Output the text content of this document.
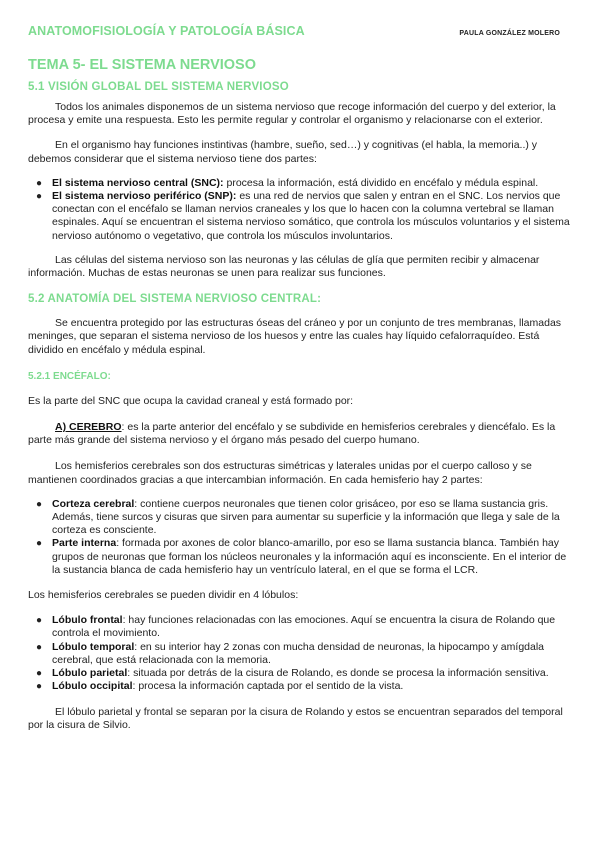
ANATOMOFISIOLOGÍA Y PATOLOGÍA BÁSICA	PAULA GONZÁLEZ MOLERO
TEMA 5- EL SISTEMA NERVIOSO
5.1 VISIÓN GLOBAL DEL SISTEMA NERVIOSO

Todos los animales disponemos de un sistema nervioso que recoge información del cuerpo y del exterior, la procesa y emite una respuesta. Esto les permite regular y controlar el organismo y relacionarse con el exterior.

En el organismo hay funciones instintivas (hambre, sueño, sed…) y cognitivas (el habla, la memoria..) y debemos considerar que el sistema nervioso tiene dos partes:

● El sistema nervioso central (SNC): procesa la información, está dividido en encéfalo y médula espinal.
● El sistema nervioso periférico (SNP): es una red de nervios que salen y entran en el SNC. Los nervios que conectan con el encéfalo se llaman nervios craneales y los que lo hacen con la columna vertebral se llaman espinales. Aquí se encuentran el sistema nervioso somático, que controla los músculos voluntarios y el sistema nervioso autónomo o vegetativo, que controla los músculos involuntarios.

Las células del sistema nervioso son las neuronas y las células de glía que permiten recibir y almacenar información. Muchas de estas neuronas se unen para realizar sus funciones.

5.2 ANATOMÍA DEL SISTEMA NERVIOSO CENTRAL:

Se encuentra protegido por las estructuras óseas del cráneo y por un conjunto de tres membranas, llamadas meninges, que separan el sistema nervioso de los huesos y entre las cuales hay líquido cefalorraquídeo. Está dividido en encéfalo y médula espinal.

5.2.1 ENCÉFALO:

Es la parte del SNC que ocupa la cavidad craneal y está formado por:

A) CEREBRO: es la parte anterior del encéfalo y se subdivide en hemisferios cerebrales y diencéfalo. Es la parte más grande del sistema nervioso y el órgano más pesado del cuerpo humano.

Los hemisferios cerebrales son dos estructuras simétricas y laterales unidas por el cuerpo calloso y se mantienen coordinados gracias a que intercambian información. En cada hemisferio hay 2 partes:

● Corteza cerebral: contiene cuerpos neuronales que tienen color grisáceo, por eso se llama sustancia gris. Además, tiene surcos y cisuras que sirven para aumentar su superficie y la información que llega y sale de la corteza es consciente.
● Parte interna: formada por axones de color blanco-amarillo, por eso se llama sustancia blanca. También hay grupos de neuronas que forman los núcleos neuronales y la información aquí es inconsciente. En el interior de la sustancia blanca de cada hemisferio hay un ventrículo lateral, en el que se forma el LCR.

Los hemisferios cerebrales se pueden dividir en 4 lóbulos:

● Lóbulo frontal: hay funciones relacionadas con las emociones. Aquí se encuentra la cisura de Rolando que controla el movimiento.
● Lóbulo temporal: en su interior hay 2 zonas con mucha densidad de neuronas, la hipocampo y amígdala cerebral, que está relacionada con la memoria.
● Lóbulo parietal: situada por detrás de la cisura de Rolando, es donde se procesa la información sensitiva.
● Lóbulo occipital: procesa la información captada por el sentido de la vista.

El lóbulo parietal y frontal se separan por la cisura de Rolando y estos se encuentran separados del temporal por la cisura de Silvio.
